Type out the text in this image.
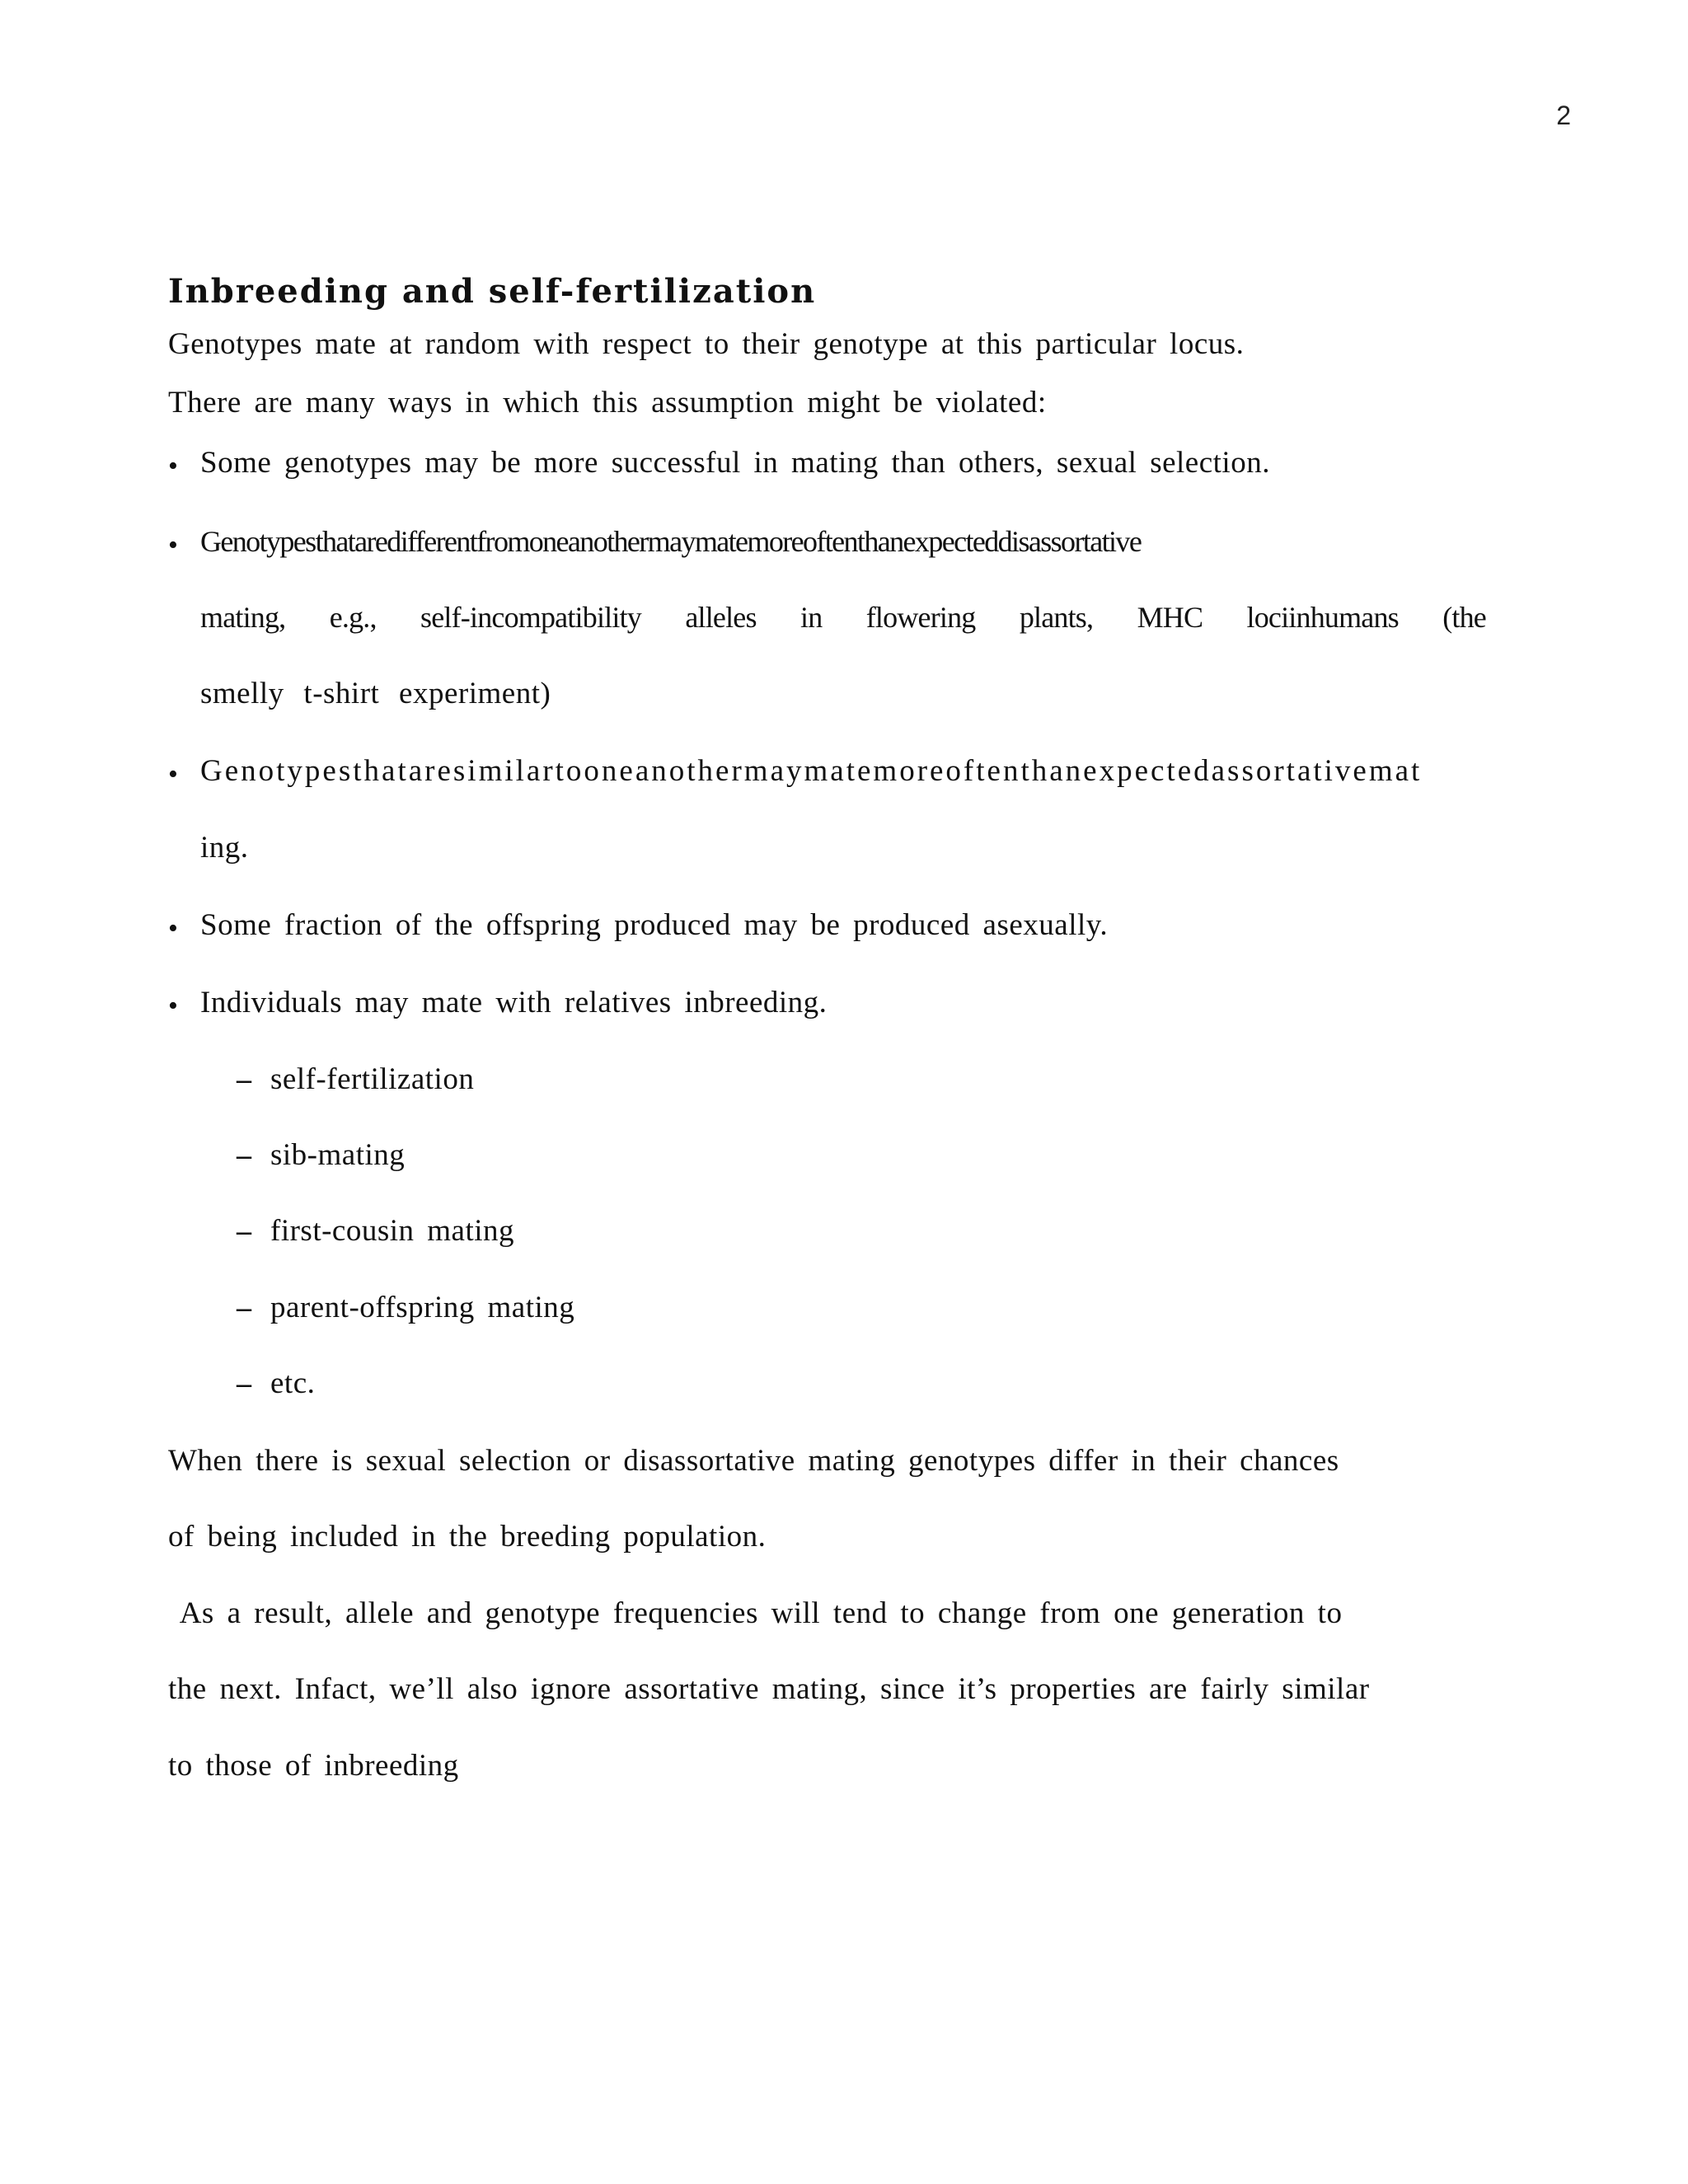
2
Inbreeding and self-fertilization
Genotypes mate at random with respect to their genotype at this particular locus.
There are many ways in which this assumption might be violated:
• Some genotypes may be more successful in mating than others, sexual selection.
• Genotypesthataredifferentfromoneanothermaymatemoreoftenthanexpecteddisassortative
mating, e.g., self-incompatibility alleles in flowering plants, MHC lociinhumans (the
smelly t-shirt experiment)
• Genotypesthataresimilartooneanothermaymatemoreoftenthanexpectedassortativemat
ing.
• Some fraction of the offspring produced may be produced asexually.
• Individuals may mate with relatives inbreeding.
– self-fertilization
– sib-mating
– first-cousin mating
– parent-offspring mating
– etc.
When there is sexual selection or disassortative mating genotypes differ in their chances
of being included in the breeding population.
As a result, allele and genotype frequencies will tend to change from one generation to
the next. Infact, we’ll also ignore assortative mating, since it’s properties are fairly similar
to those of inbreeding
